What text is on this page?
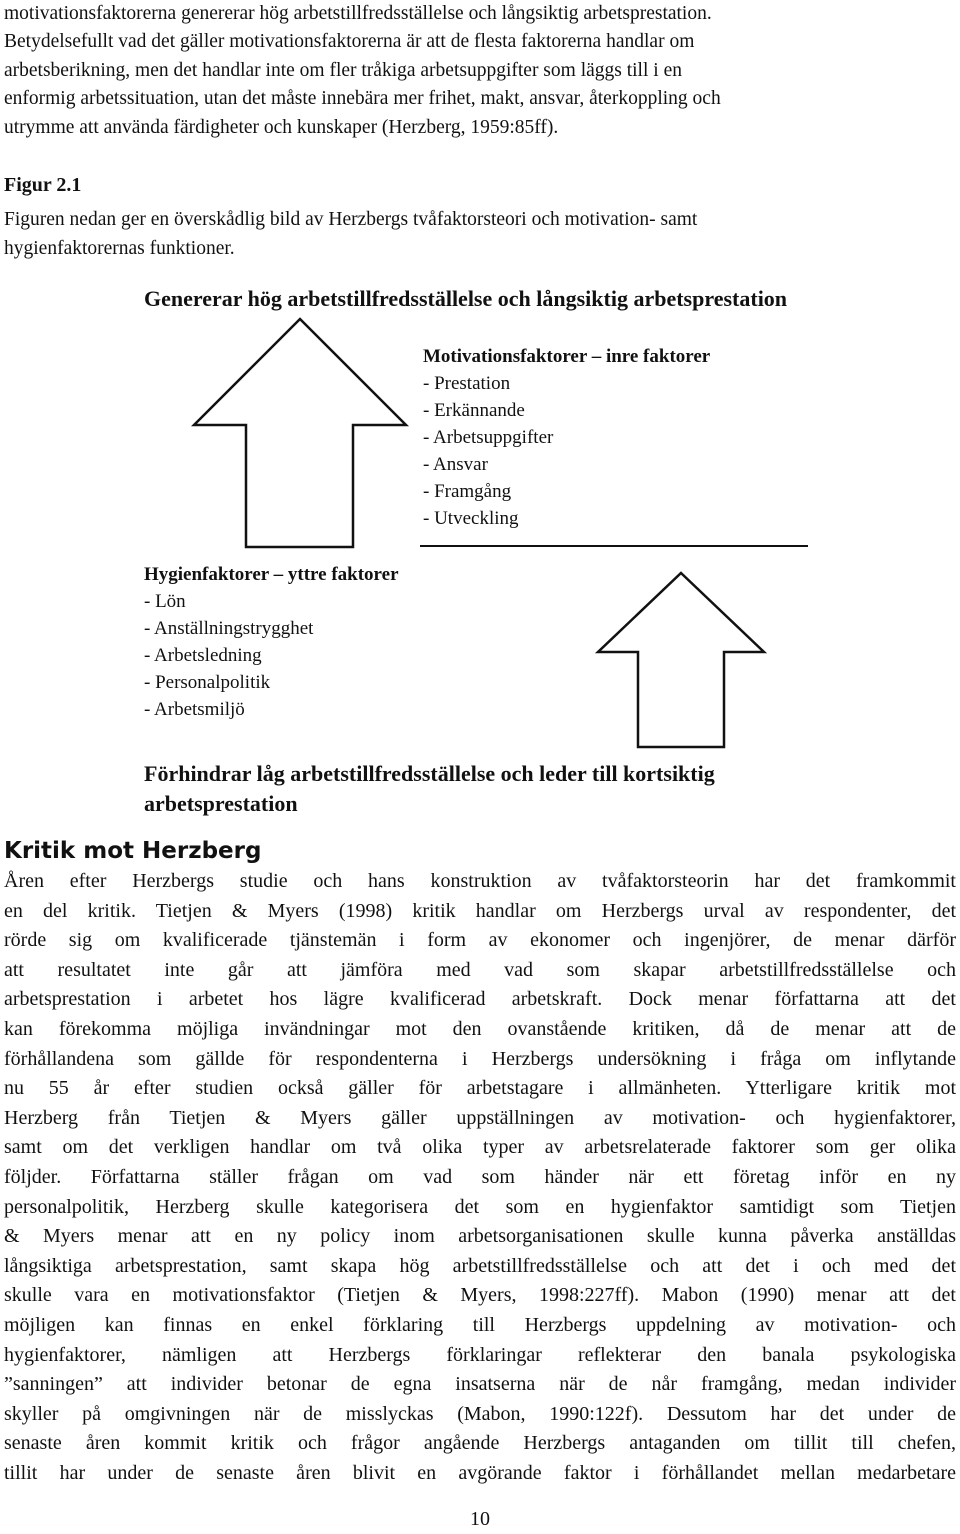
motivationsfaktorerna genererar hög arbetstillfredsställelse och långsiktig arbetsprestation.
Betydelsefullt vad det gäller motivationsfaktorerna är att de flesta faktorerna handlar om
arbetsberikning, men det handlar inte om fler tråkiga arbetsuppgifter som läggs till i en
enformig arbetssituation, utan det måste innebära mer frihet, makt, ansvar, återkoppling och
utrymme att använda färdigheter och kunskaper (Herzberg, 1959:85ff).
Figur 2.1
Figuren nedan ger en överskådlig bild av Herzbergs tvåfaktorsteori och motivation- samt
hygienfaktorernas funktioner.
Genererar hög arbetstillfredsställelse och långsiktig arbetsprestation
Motivationsfaktorer – inre faktorer
- Prestation
- Erkännande
- Arbetsuppgifter
- Ansvar
- Framgång
- Utveckling
Hygienfaktorer – yttre faktorer
- Lön
- Anställningstrygghet
- Arbetsledning
- Personalpolitik
- Arbetsmiljö
Förhindrar låg arbetstillfredsställelse och leder till kortsiktig arbetsprestation
Kritik mot Herzberg
Åren efter Herzbergs studie och hans konstruktion av tvåfaktorsteorin har det framkommit
en del kritik. Tietjen & Myers (1998) kritik handlar om Herzbergs urval av respondenter, det
rörde sig om kvalificerade tjänstemän i form av ekonomer och ingenjörer, de menar därför
att resultatet inte går att jämföra med vad som skapar arbetstillfredsställelse och
arbetsprestation i arbetet hos lägre kvalificerad arbetskraft. Dock menar författarna att det
kan förekomma möjliga invändningar mot den ovanstående kritiken, då de menar att de
förhållandena som gällde för respondenterna i Herzbergs undersökning i fråga om inflytande
nu 55 år efter studien också gäller för arbetstagare i allmänheten. Ytterligare kritik mot
Herzberg från Tietjen & Myers gäller uppställningen av motivation- och hygienfaktorer,
samt om det verkligen handlar om två olika typer av arbetsrelaterade faktorer som ger olika
följder. Författarna ställer frågan om vad som händer när ett företag inför en ny
personalpolitik, Herzberg skulle kategorisera det som en hygienfaktor samtidigt som Tietjen
& Myers menar att en ny policy inom arbetsorganisationen skulle kunna påverka anställdas
långsiktiga arbetsprestation, samt skapa hög arbetstillfredsställelse och att det i och med det
skulle vara en motivationsfaktor (Tietjen & Myers, 1998:227ff). Mabon (1990) menar att det
möjligen kan finnas en enkel förklaring till Herzbergs uppdelning av motivation- och
hygienfaktorer, nämligen att Herzbergs förklaringar reflekterar den banala psykologiska
”sanningen” att individer betonar de egna insatserna när de når framgång, medan individer
skyller på omgivningen när de misslyckas (Mabon, 1990:122f). Dessutom har det under de
senaste åren kommit kritik och frågor angående Herzbergs antaganden om tillit till chefen,
tillit har under de senaste åren blivit en avgörande faktor i förhållandet mellan medarbetare
10
